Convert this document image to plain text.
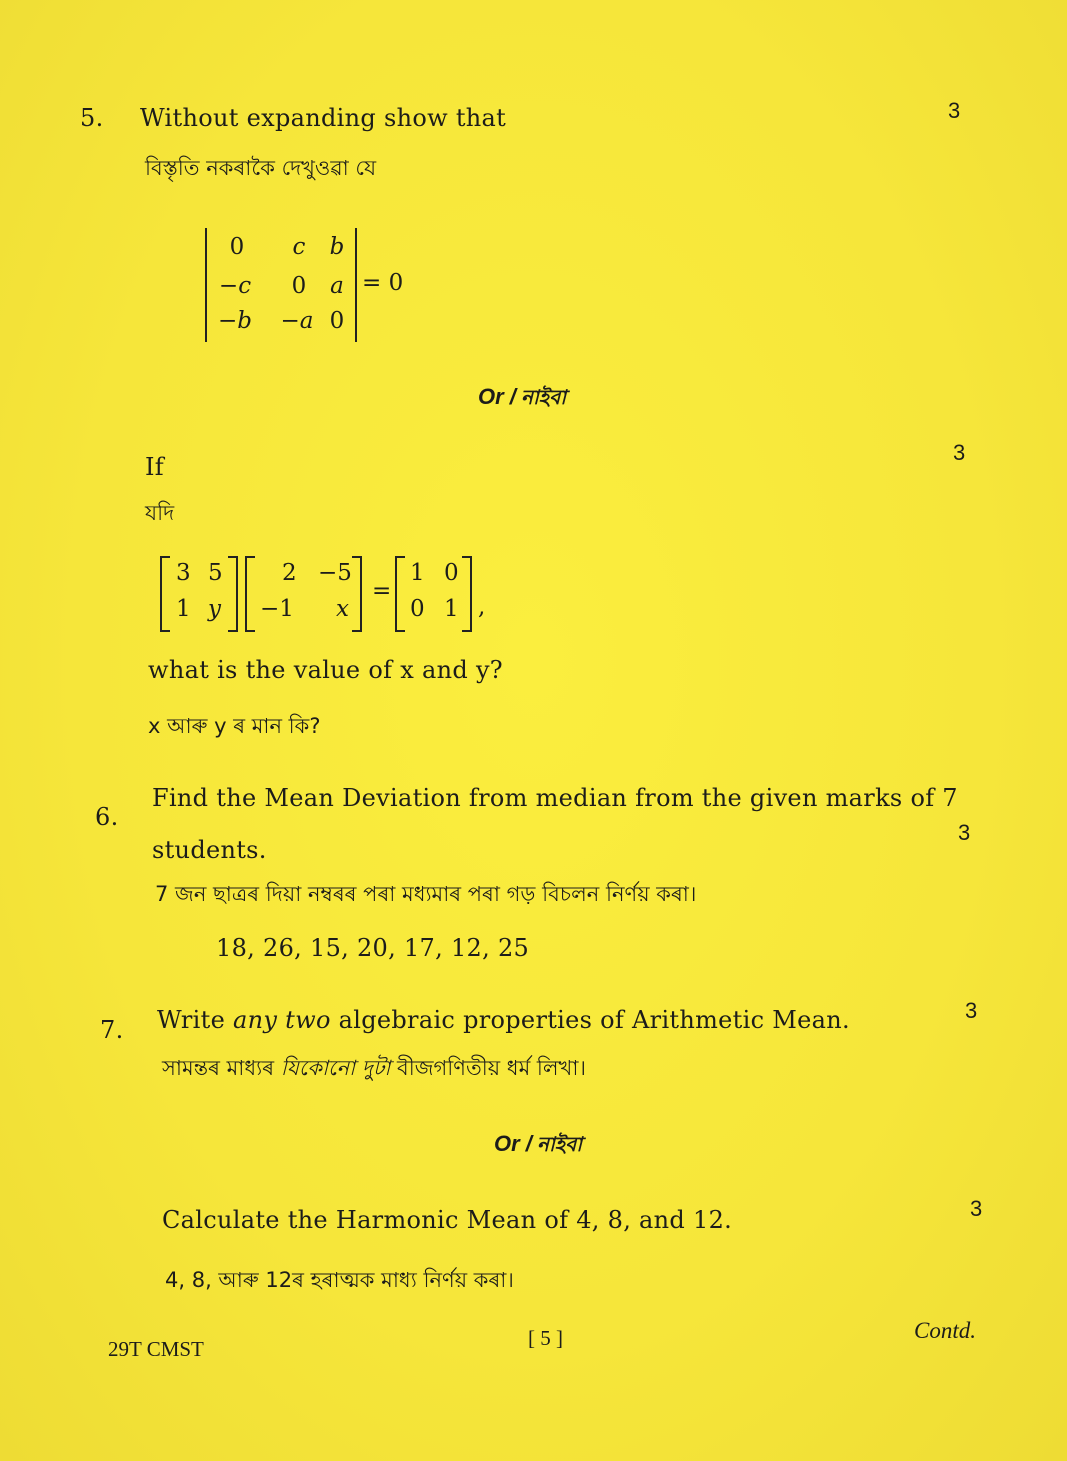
5. Without expanding show that	3
বিস্তৃতি নকৰাকৈ দেখুওৱা যে
0	c	b
−c	0	a
−b −a 0
= 0
Or / নাইবা
3
If
যদি
3 5
1 y
2 −5
−1 x
=
1 0
0 1 ,
what is the value of x and y?
x আৰু y ৰ মান কি?
6.
Find the Mean Deviation from median from the given marks of 7
students.
3
7 জন ছাত্ৰৰ দিয়া নম্বৰৰ পৰা মধ্যমাৰ পৰা গড় বিচলন নিৰ্ণয় কৰা।
18, 26, 15, 20, 17, 12, 25
7. Write any two algebraic properties of Arithmetic Mean.	3
সামন্তৰ মাধ্যৰ যিকোনো দুটা বীজগণিতীয় ধৰ্ম লিখা।
Or / নাইবা
3
Calculate the Harmonic Mean of 4, 8, and 12.
4, 8, আৰু 12ৰ হৰাত্মক মাধ্য নিৰ্ণয় কৰা।
29T CMST	[ 5 ]	Contd.
